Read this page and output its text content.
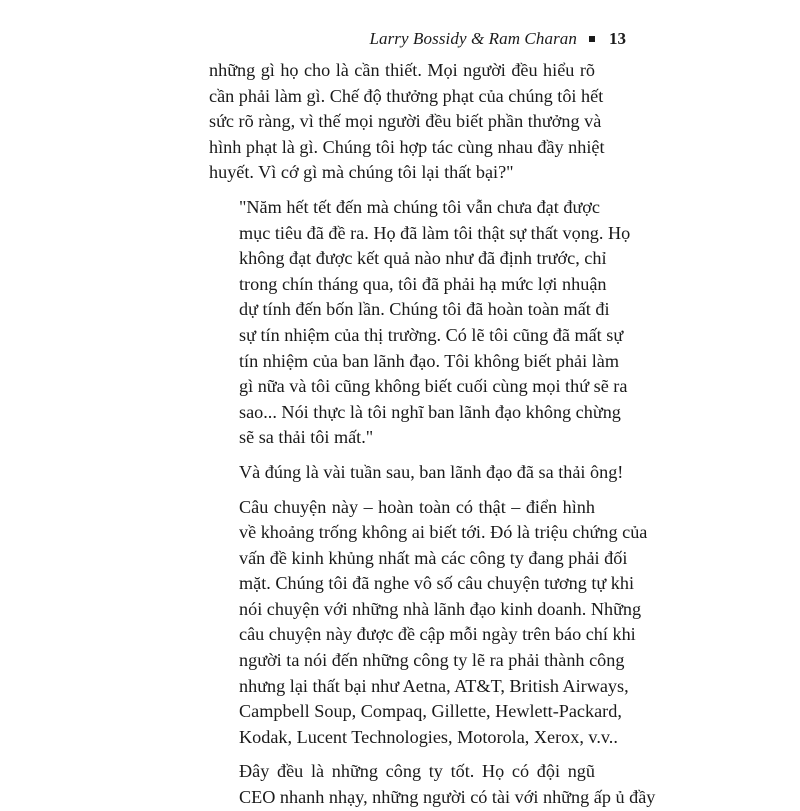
Larry Bossidy & Ram Charan 13

những gì họ cho là cần thiết. Mọi người đều hiểu rõ
cần phải làm gì. Chế độ thưởng phạt của chúng tôi hết
sức rõ ràng, vì thế mọi người đều biết phần thưởng và
hình phạt là gì. Chúng tôi hợp tác cùng nhau đầy nhiệt
huyết. Vì cớ gì mà chúng tôi lại thất bại?"

"Năm hết tết đến mà chúng tôi vẫn chưa đạt được
mục tiêu đã đề ra. Họ đã làm tôi thật sự thất vọng. Họ
không đạt được kết quả nào như đã định trước, chỉ
trong chín tháng qua, tôi đã phải hạ mức lợi nhuận
dự tính đến bốn lần. Chúng tôi đã hoàn toàn mất đi
sự tín nhiệm của thị trường. Có lẽ tôi cũng đã mất sự
tín nhiệm của ban lãnh đạo. Tôi không biết phải làm
gì nữa và tôi cũng không biết cuối cùng mọi thứ sẽ ra
sao... Nói thực là tôi nghĩ ban lãnh đạo không chừng
sẽ sa thải tôi mất."

Và đúng là vài tuần sau, ban lãnh đạo đã sa thải ông!

Câu chuyện này – hoàn toàn có thật – điển hình
về khoảng trống không ai biết tới. Đó là triệu chứng của
vấn đề kinh khủng nhất mà các công ty đang phải đối
mặt. Chúng tôi đã nghe vô số câu chuyện tương tự khi
nói chuyện với những nhà lãnh đạo kinh doanh. Những
câu chuyện này được đề cập mỗi ngày trên báo chí khi
người ta nói đến những công ty lẽ ra phải thành công
nhưng lại thất bại như Aetna, AT&T, British Airways,
Campbell Soup, Compaq, Gillette, Hewlett-Packard,
Kodak, Lucent Technologies, Motorola, Xerox, v.v..

Đây đều là những công ty tốt. Họ có đội ngũ
CEO nhanh nhạy, những người có tài với những ấp ủ đầy
